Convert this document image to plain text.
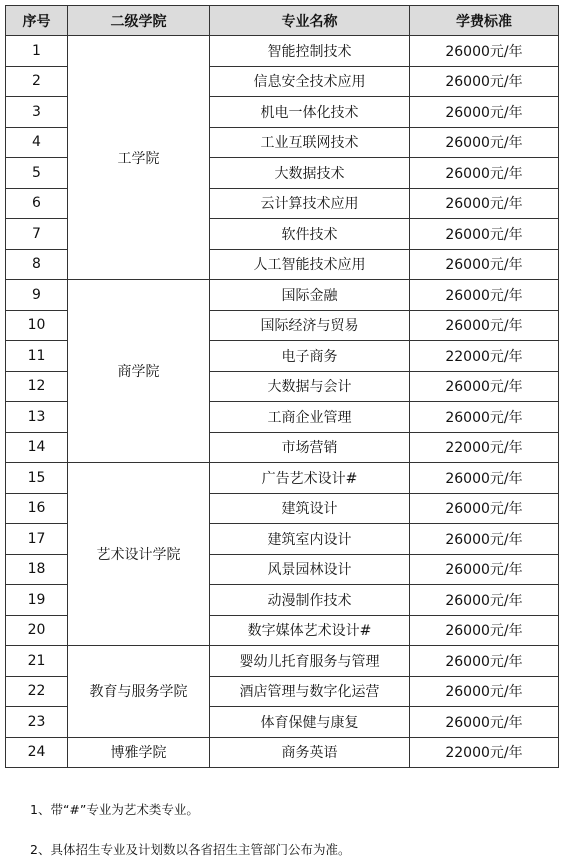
序号	二级学院	专业名称	学费标准
1	工学院	智能控制技术	26000元/年
2		信息安全技术应用	26000元/年
3		机电一体化技术	26000元/年
4		工业互联网技术	26000元/年
5		大数据技术	26000元/年
6		云计算技术应用	26000元/年
7		软件技术	26000元/年
8		人工智能技术应用	26000元/年
9	商学院	国际金融	26000元/年
10		国际经济与贸易	26000元/年
11		电子商务	22000元/年
12		大数据与会计	26000元/年
13		工商企业管理	26000元/年
14		市场营销	22000元/年
15	艺术设计学院	广告艺术设计#	26000元/年
16		建筑设计	26000元/年
17		建筑室内设计	26000元/年
18		风景园林设计	26000元/年
19		动漫制作技术	26000元/年
20		数字媒体艺术设计#	26000元/年
21	教育与服务学院	婴幼儿托育服务与管理	26000元/年
22		酒店管理与数字化运营	26000元/年
23		体育保健与康复	26000元/年
24	博雅学院	商务英语	22000元/年
1、带“#”专业为艺术类专业。
2、具体招生专业及计划数以各省招生主管部门公布为准。
